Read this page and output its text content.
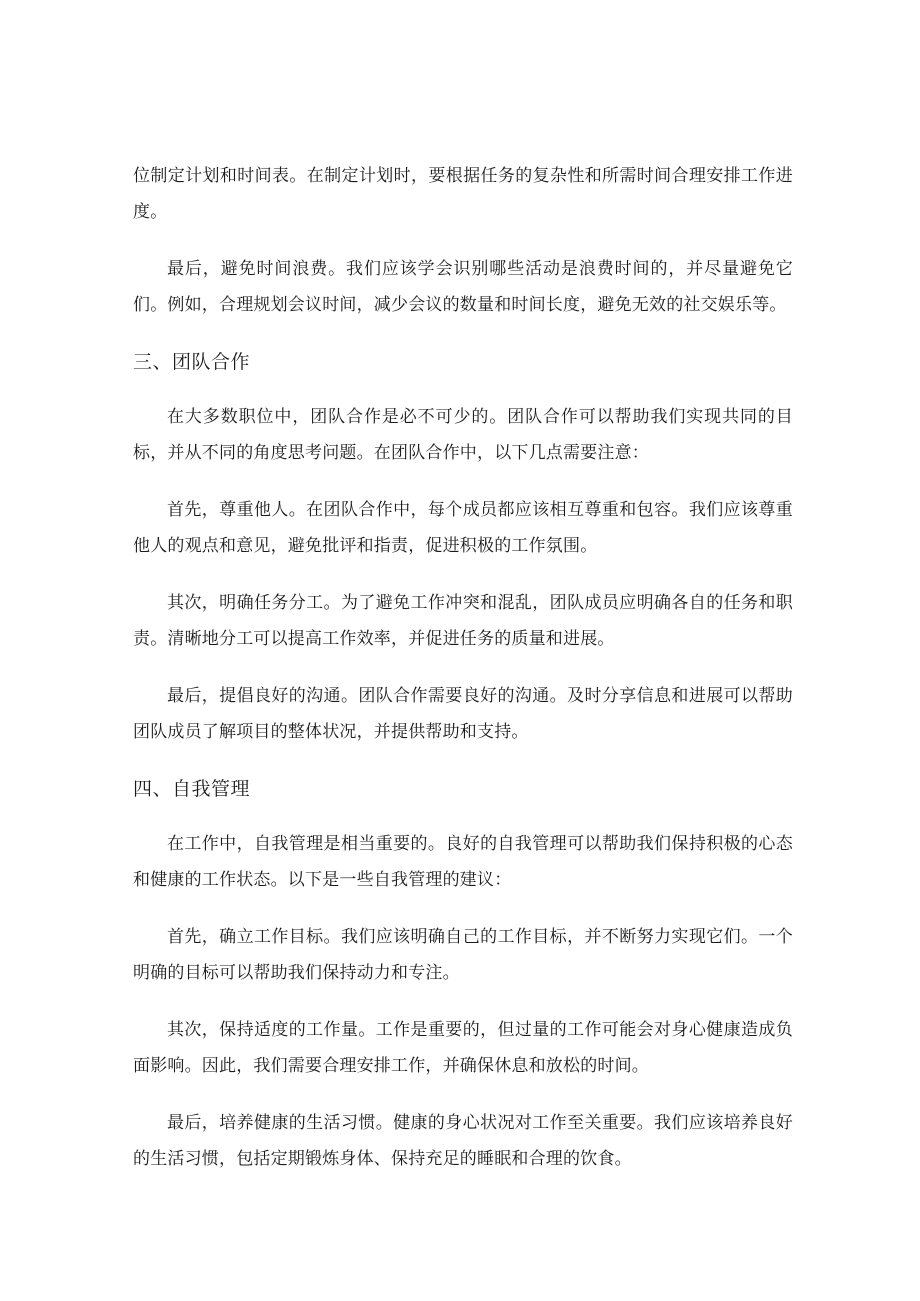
位制定计划和时间表。在制定计划时，要根据任务的复杂性和所需时间合理安排工作进度。

最后，避免时间浪费。我们应该学会识别哪些活动是浪费时间的，并尽量避免它们。例如，合理规划会议时间，减少会议的数量和时间长度，避免无效的社交娱乐等。

三、团队合作

在大多数职位中，团队合作是必不可少的。团队合作可以帮助我们实现共同的目标，并从不同的角度思考问题。在团队合作中，以下几点需要注意：

首先，尊重他人。在团队合作中，每个成员都应该相互尊重和包容。我们应该尊重他人的观点和意见，避免批评和指责，促进积极的工作氛围。

其次，明确任务分工。为了避免工作冲突和混乱，团队成员应明确各自的任务和职责。清晰地分工可以提高工作效率，并促进任务的质量和进展。

最后，提倡良好的沟通。团队合作需要良好的沟通。及时分享信息和进展可以帮助团队成员了解项目的整体状况，并提供帮助和支持。

四、自我管理

在工作中，自我管理是相当重要的。良好的自我管理可以帮助我们保持积极的心态和健康的工作状态。以下是一些自我管理的建议：

首先，确立工作目标。我们应该明确自己的工作目标，并不断努力实现它们。一个明确的目标可以帮助我们保持动力和专注。

其次，保持适度的工作量。工作是重要的，但过量的工作可能会对身心健康造成负面影响。因此，我们需要合理安排工作，并确保休息和放松的时间。

最后，培养健康的生活习惯。健康的身心状况对工作至关重要。我们应该培养良好的生活习惯，包括定期锻炼身体、保持充足的睡眠和合理的饮食。
